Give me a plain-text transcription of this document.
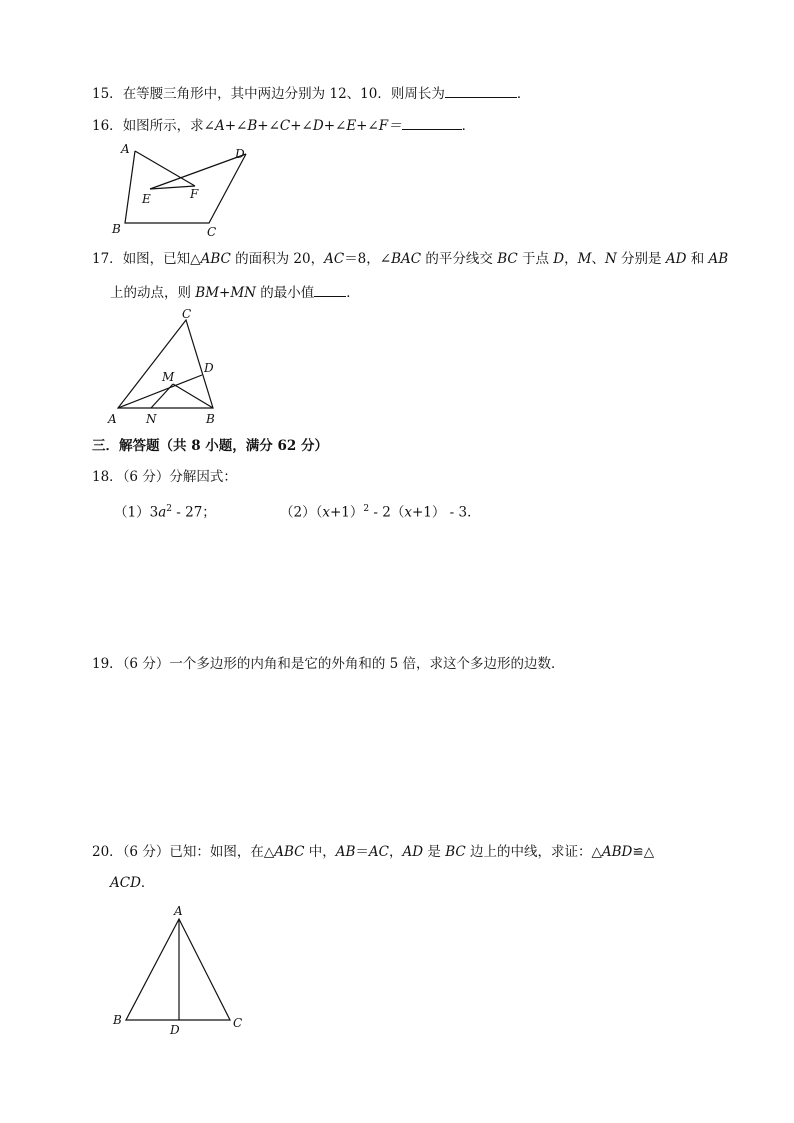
15．在等腰三角形中，其中两边分别为 12、10．则周长为	．
16．如图所示，求∠A+∠B+∠C+∠D+∠E+∠F＝	．
A	D
E	F
B	C
C
D
M
A N	B
A
B
D	C
17．如图，已知△ABC 的面积为 20，AC＝8，∠BAC 的平分线交 BC 于点 D，M、N 分别是 AD 和 AB
上的动点，则 BM+MN 的最小值 ．
三．解答题（共 8 小题，满分 62 分）
18．（6 分）分解因式：
$(1)3a^2 - 27$；	$(2)(x+1)^2 - 2(x+1) - 3$．
19．（6 分）一个多边形的内角和是它的外角和的 5 倍，求这个多边形的边数．
20．（6 分）已知：如图，在△ABC 中，AB＝AC，AD 是 BC 边上的中线，求证：△ABD≌△
ACD．
